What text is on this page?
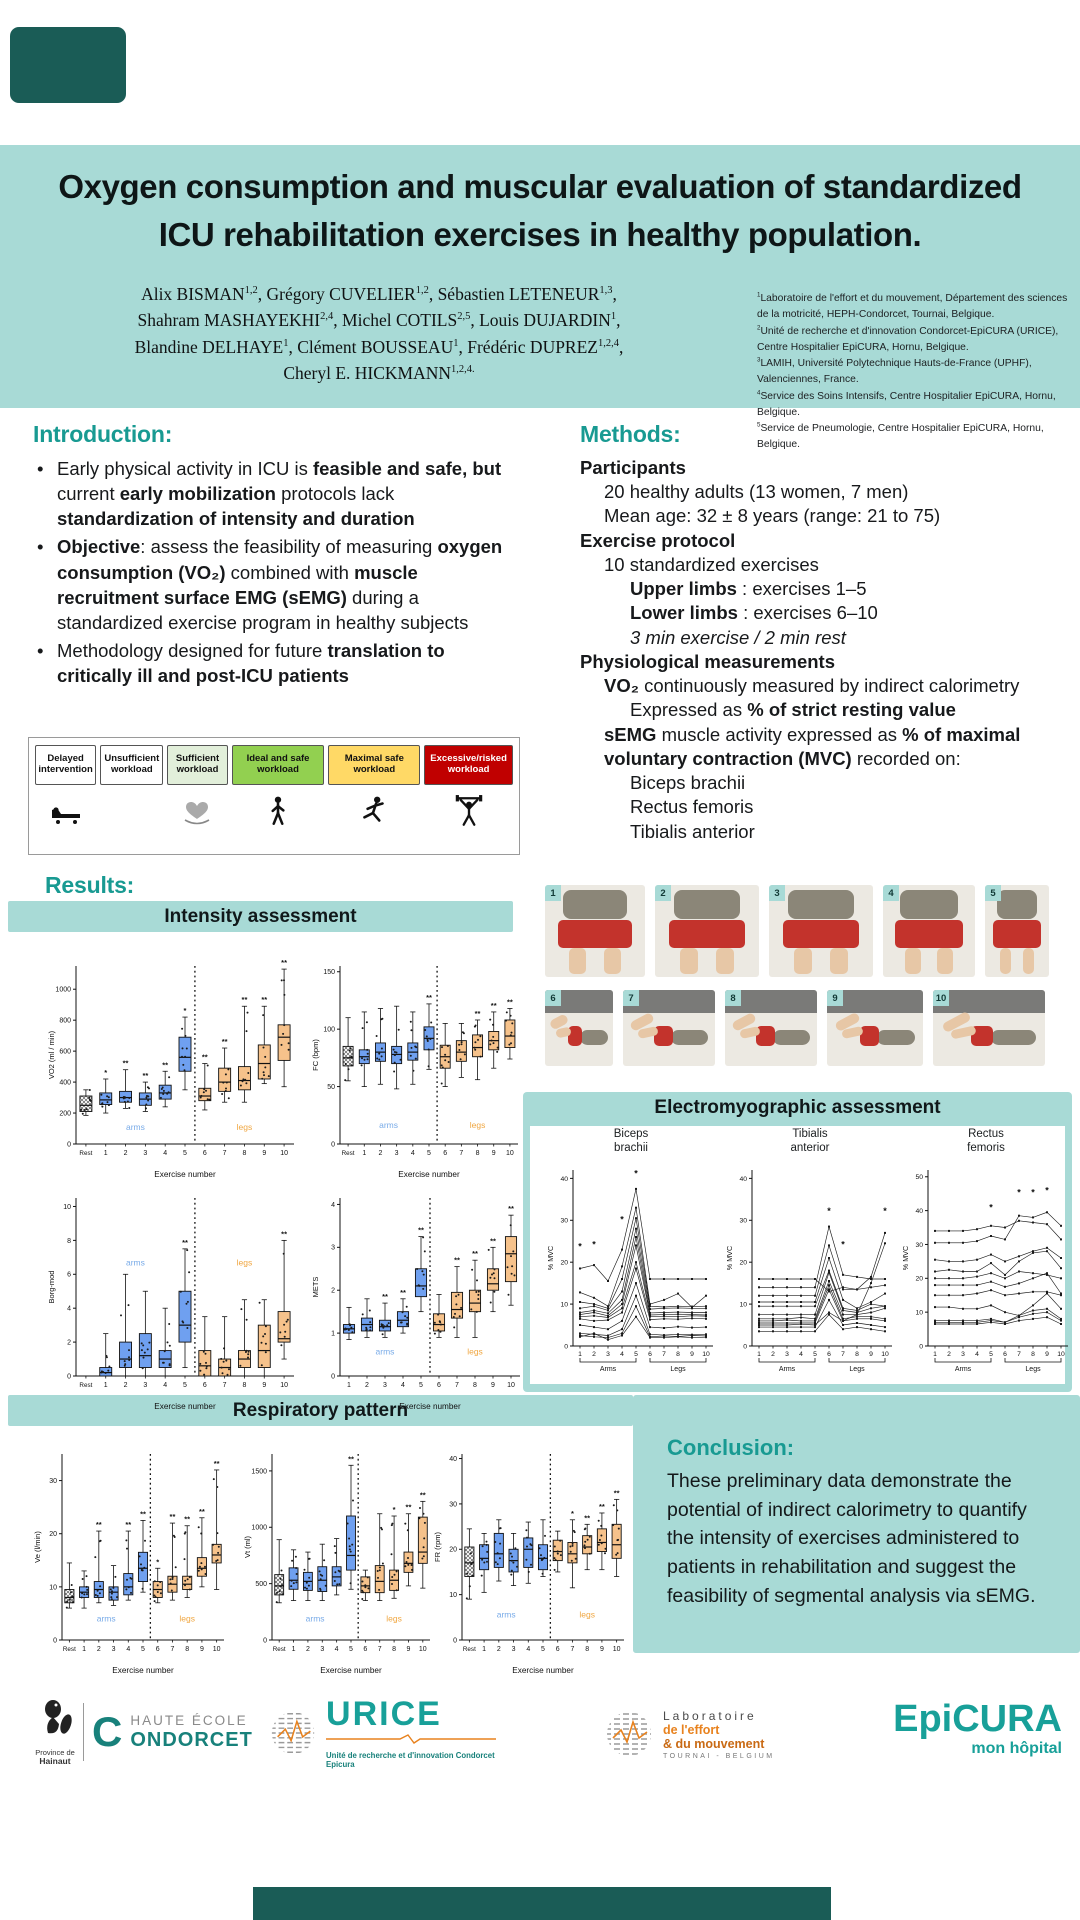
Oxygen consumption and muscular evaluation of standardized ICU rehabilitation exercises in healthy population.
Alix BISMAN$^{1,2}$, Grégory CUVELIER$^{1,2}$, Sébastien LETENEUR$^{1,3}$,
Shahram MASHAYEKHI$^{2,4}$, Michel COTILS$^{2,5}$, Louis DUJARDIN$^1$,
Blandine DELHAYE$^1$, Clément BOUSSEAU$^1$, Frédéric DUPREZ$^{1,2,4}$,
Cheryl E. $HICKMANN^{1,2,4.}$
$^1$Laboratoire de l'effort et du mouvement, Département des sciences de la motricité, HEPH-Condorcet, Tournai, Belgique.
$^2$Unité de recherche et d'innovation Condorcet-EpiCURA (URICE), Centre Hospitalier EpiCURA, Hornu, Belgique.
$^3$LAMIH, Université Polytechnique Hauts-de-France (UPHF), Valenciennes, France.
$^4$Service des Soins Intensifs, Centre Hospitalier EpiCURA, Hornu, Belgique.
$^5$Service de Pneumologie, Centre Hospitalier EpiCURA, Hornu, Belgique.
Introduction:
• Early physical activity in ICU is feasible and safe, but current early mobilization protocols lack standardization of intensity and duration
• Objective: assess the feasibility of measuring oxygen consumption (VO₂) combined with muscle recruitment surface EMG (sEMG) during a standardized exercise program in healthy subjects
• Methodology designed for future translation to critically ill and post-ICU patients
Methods:
Participants
20 healthy adults (13 women, 7 men)
Mean age: 32 ± 8 years (range: 21 to 75)
Exercise protocol
10 standardized exercises
Upper limbs : exercises 1–5
Lower limbs : exercises 6–10
3 min exercise / 2 min rest
Physiological measurements
VO₂ continuously measured by indirect calorimetry
Expressed as % of strict resting value
sEMG muscle activity expressed as % of maximal voluntary contraction (MVC) recorded on:
Biceps brachii
Rectus femoris
Tibialis anterior
Delayed intervention
Unsufficient workload
Sufficient workload
Ideal and safe workload
Maximal safe workload
Excessive/risked workload
Results:
Intensity assessment
1	2	3	4	5
6	7	8	9	10
Electromyographic assessment
Respiratory pattern
Conclusion:

These preliminary data demonstrate the potential of indirect calorimetry to quantify the intensity of exercises administered to patients in rehabilitation and suggest the feasibility of segmental analysis via sEMG.

0
200
400
600
800
1000
VO2 (ml / min)
Rest 1 2 3 4 5 6 7 8 9 10
Exercise number
arms	legs
*
**
**
**
*
**
**
** **
**
0
50
100
150
FC (bpm)
Rest 1 2 3 4 5 6 7 8 9 10
Exercise number
arms	legs
**
**
** **
0
2
4
6
8
10
Borg-mod
Rest 1 2 3 4 5 6 7 8 9 10
Exercise number
arms	legs
**
**
0
1
2
3
4
METS
1 2 3 4 5 6 7 8 9 10
Exercise number
arms	legs
** **
**
**
**
**
**
0
10
20
30
Ve (l/min)
Rest 1 2 3 4 5 6 7 8 9 10
Exercise number
arms	legs
**	**
**
*
** **
**
**
0
500
1000
1500
Vt (ml)
Rest 1 2 3 4 5 6 7 8 9 10
Exercise number
arms	legs
**
* **
**
0
10
20
30
40
FR (rpm)
Rest 1 2 3 4 5 6 7 8 9 10
Exercise number
arms	legs
*
**
**
**
Biceps
brachii
0
10
20
30
40
% MVC
1 2 3 4 5 6 7 8 9 10
* *
*
*
Arms	Legs
Tibialis
anterior
0
10
20
30
40
% MVC
1 2 3 4 5 6 7 8 9 10
*
*
*
Arms	Legs
Rectus
femoris
0
10
20
30
40
50
% MVC
1 2 3 4 5 6 7 8 9 10
*
* * *
Arms	Legs
Province de
Hainaut
C HAUTE ÉCOLE
ONDORCET
URICE
Unité de recherche et d'innovation Condorcet Epicura
Laboratoire
de l'effort
& du mouvement
TOURNAI - BELGIUM
EpiCURA
mon hôpital
